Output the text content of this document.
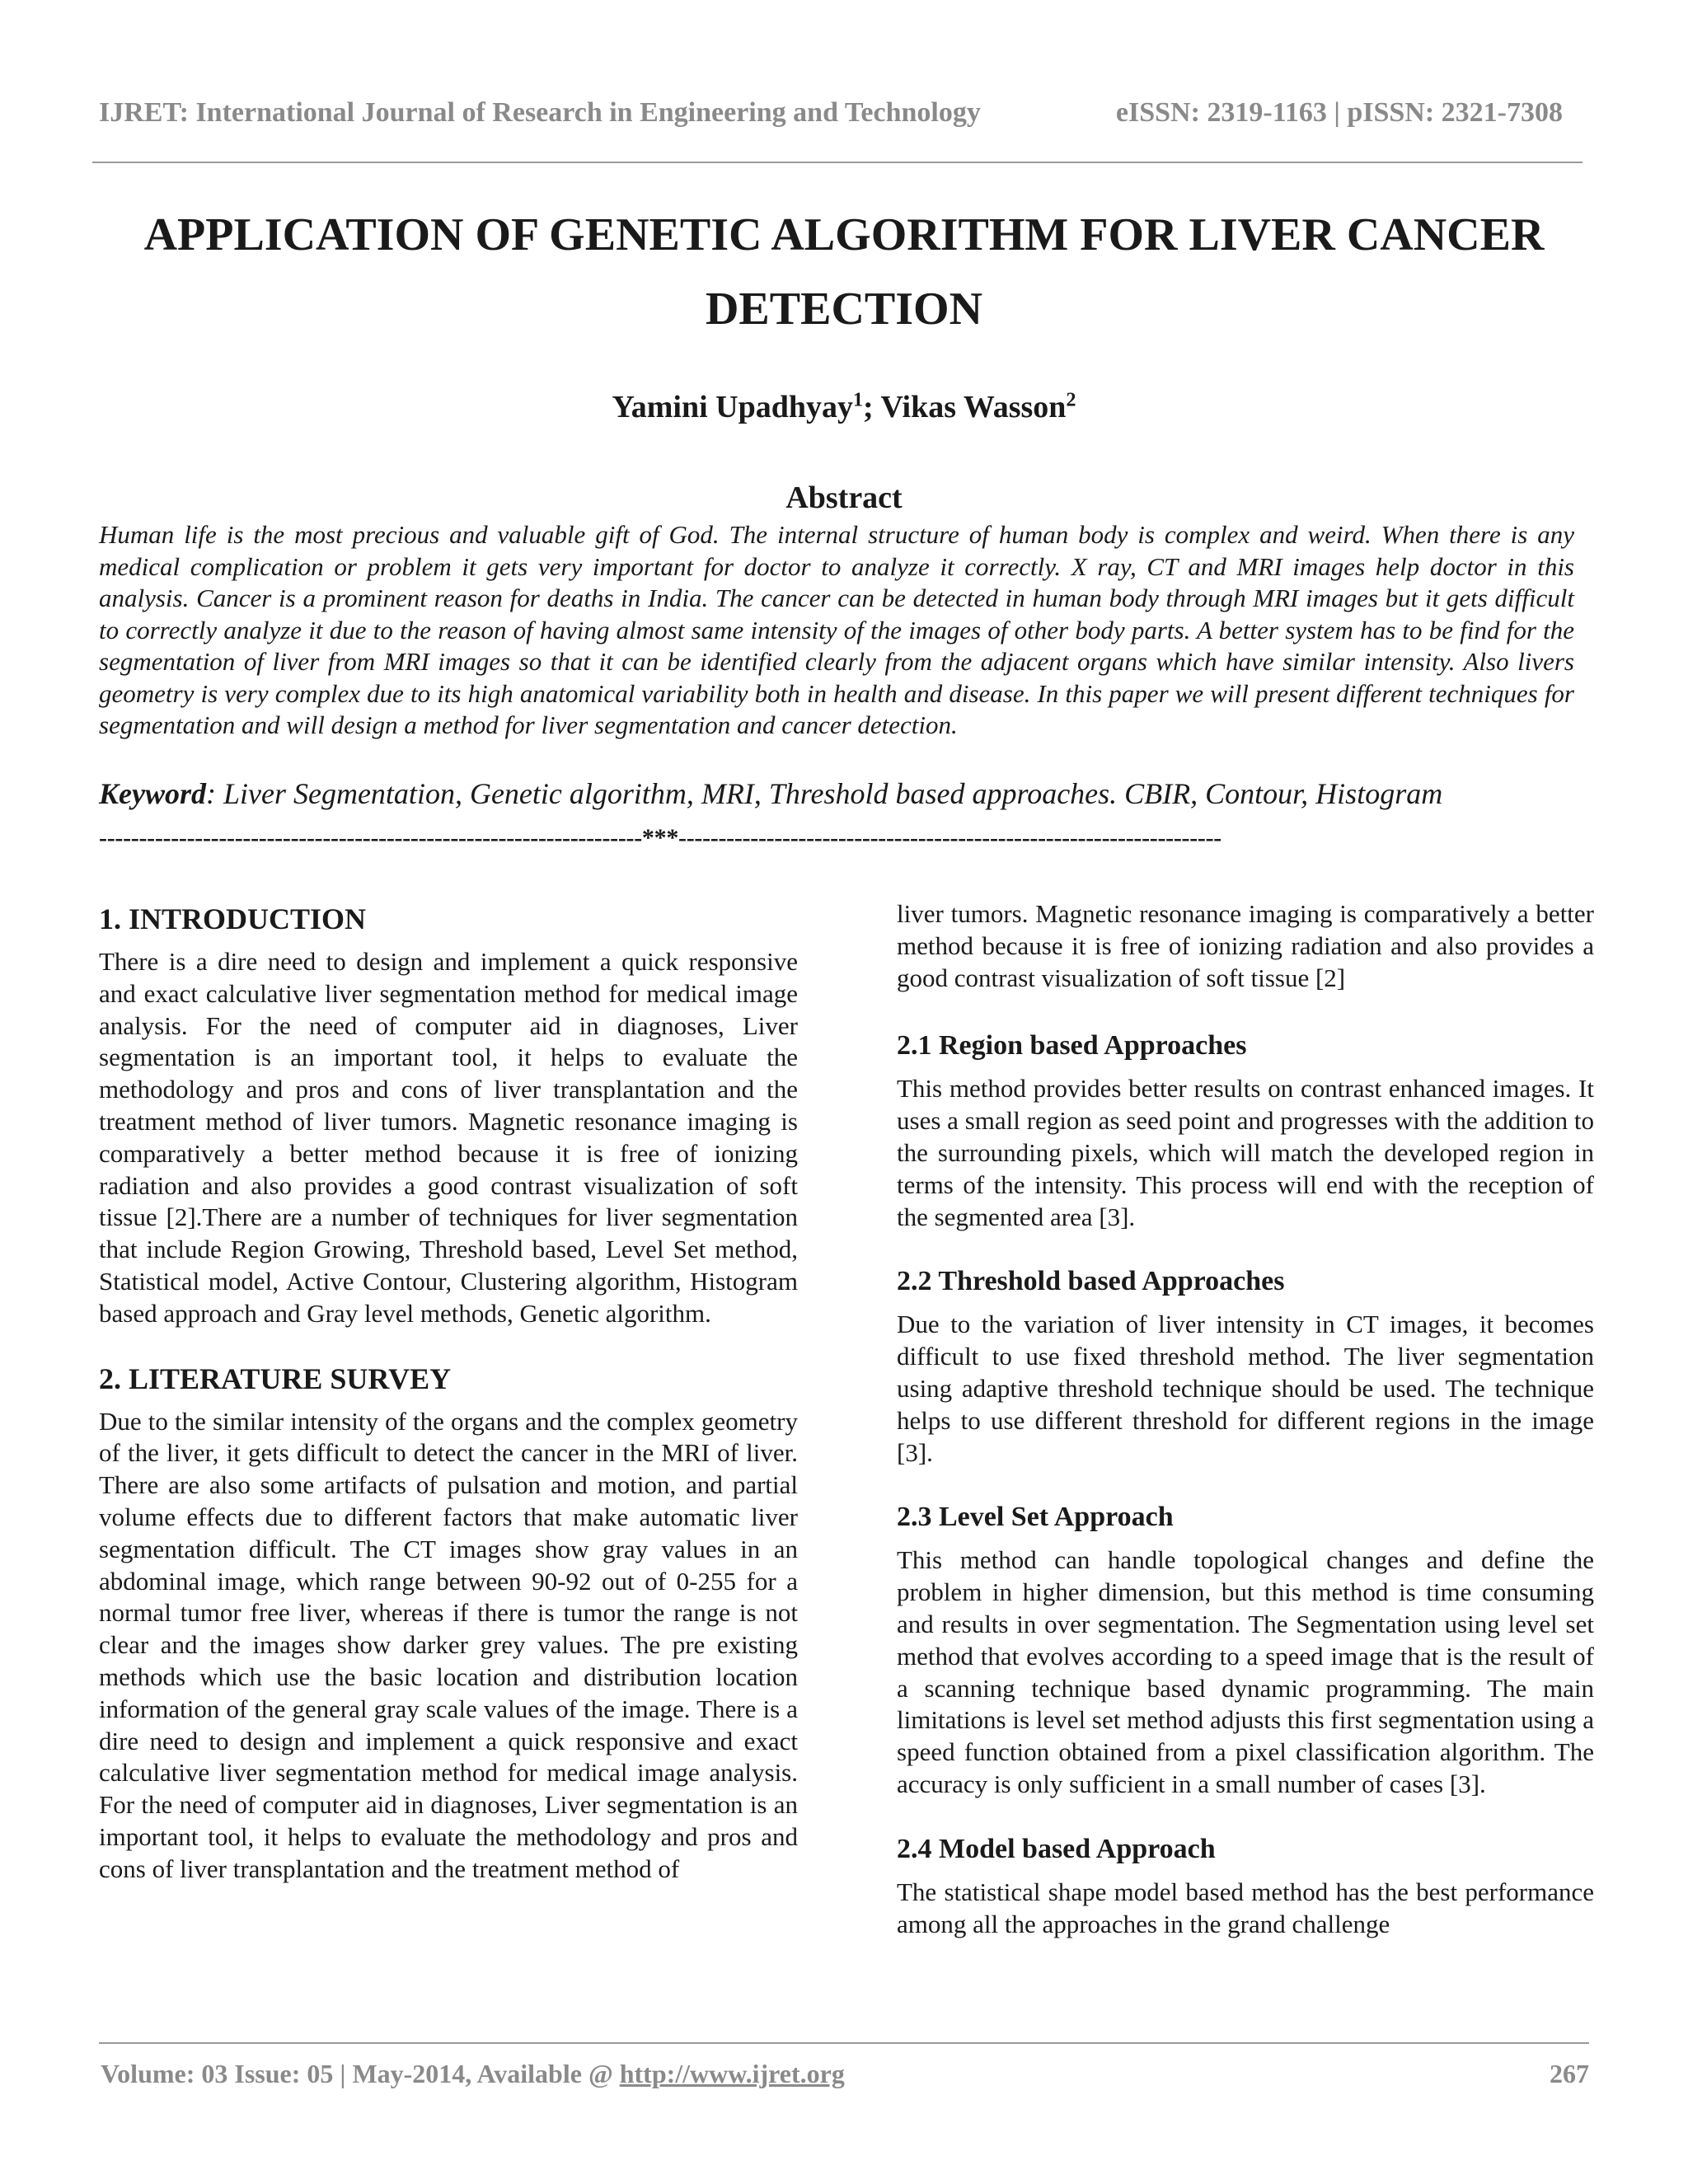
IJRET: International Journal of Research in Engineering and Technology	eISSN: 2319-1163 | pISSN: 2321-7308
APPLICATION OF GENETIC ALGORITHM FOR LIVER CANCER
DETECTION
Yamini Upadhyay$^1$; Vikas Wasson$^2$
Abstract

Human life is the most precious and valuable gift of God. The internal structure of human body is complex and weird. When there is any medical complication or problem it gets very important for doctor to analyze it correctly. X ray, CT and MRI images help doctor in this analysis. Cancer is a prominent reason for deaths in India. The cancer can be detected in human body through MRI images but it gets difficult to correctly analyze it due to the reason of having almost same intensity of the images of other body parts. A better system has to be find for the segmentation of liver from MRI images so that it can be identified clearly from the adjacent organs which have similar intensity. Also livers geometry is very complex due to its high anatomical variability both in health and disease. In this paper we will present different techniques for segmentation and will design a method for liver segmentation and cancer detection.

Keyword: Liver Segmentation, Genetic algorithm, MRI, Threshold based approaches. CBIR, Contour, Histogram
--------------------------------------------------------------------***--------------------------------------------------------------------
1. INTRODUCTION

There is a dire need to design and implement a quick responsive and exact calculative liver segmentation method for medical image analysis. For the need of computer aid in diagnoses, Liver segmentation is an important tool, it helps to evaluate the methodology and pros and cons of liver transplantation and the treatment method of liver tumors. Magnetic resonance imaging is comparatively a better method because it is free of ionizing radiation and also provides a good contrast visualization of soft tissue [2].There are a number of techniques for liver segmentation that include Region Growing, Threshold based, Level Set method, Statistical model, Active Contour, Clustering algorithm, Histogram based approach and Gray level methods, Genetic algorithm.

2. LITERATURE SURVEY

Due to the similar intensity of the organs and the complex geometry of the liver, it gets difficult to detect the cancer in the MRI of liver. There are also some artifacts of pulsation and motion, and partial volume effects due to different factors that make automatic liver segmentation difficult. The CT images show gray values in an abdominal image, which range between 90-92 out of 0-255 for a normal tumor free liver, whereas if there is tumor the range is not clear and the images show darker grey values. The pre existing methods which use the basic location and distribution location information of the general gray scale values of the image. There is a dire need to design and implement a quick responsive and exact calculative liver segmentation method for medical image analysis. For the need of computer aid in diagnoses, Liver segmentation is an important tool, it helps to evaluate the methodology and pros and cons of liver transplantation and the treatment method of

liver tumors. Magnetic resonance imaging is comparatively a better method because it is free of ionizing radiation and also provides a good contrast visualization of soft tissue [2]

2.1 Region based Approaches

This method provides better results on contrast enhanced images. It uses a small region as seed point and progresses with the addition to the surrounding pixels, which will match the developed region in terms of the intensity. This process will end with the reception of the segmented area [3].

2.2 Threshold based Approaches

Due to the variation of liver intensity in CT images, it becomes difficult to use fixed threshold method. The liver segmentation using adaptive threshold technique should be used. The technique helps to use different threshold for different regions in the image [3].

2.3 Level Set Approach

This method can handle topological changes and define the problem in higher dimension, but this method is time consuming and results in over segmentation. The Segmentation using level set method that evolves according to a speed image that is the result of a scanning technique based dynamic programming. The main limitations is level set method adjusts this first segmentation using a speed function obtained from a pixel classification algorithm. The accuracy is only sufficient in a small number of cases [3].

2.4 Model based Approach

The statistical shape model based method has the best performance among all the approaches in the grand challenge

Volume: 03 Issue: 05 | May-2014, Available @ http://www.ijret.org	267
